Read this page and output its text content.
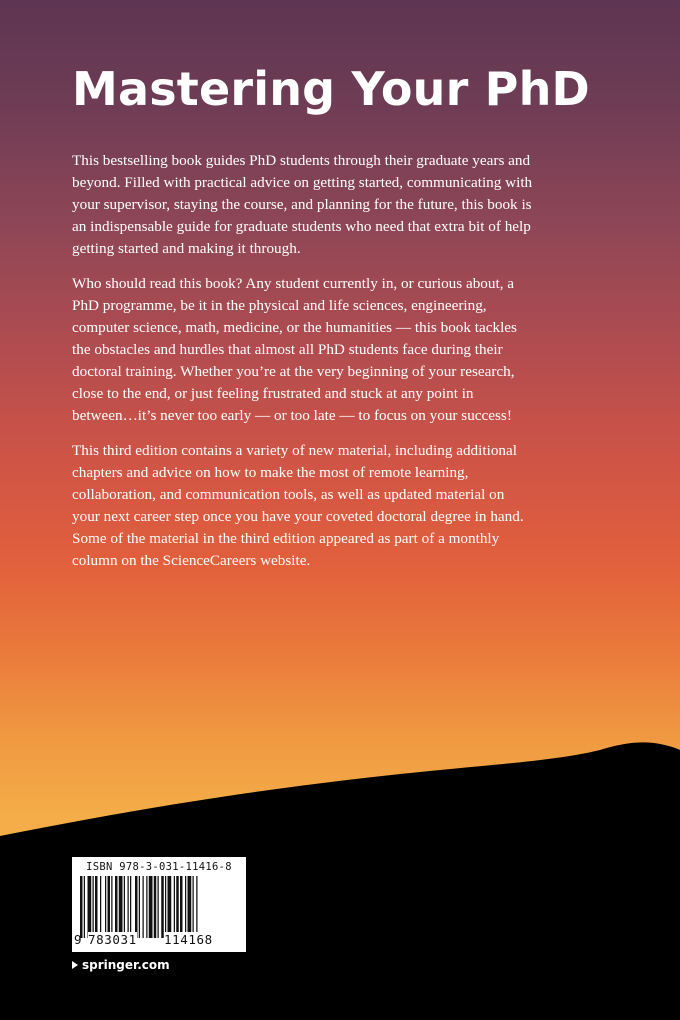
Mastering Your PhD

This bestselling book guides PhD students through their graduate years and beyond. Filled with practical advice on getting started, communicating with your supervisor, staying the course, and planning for the future, this book is an indispensable guide for graduate students who need that extra bit of help getting started and making it through.

Who should read this book? Any student currently in, or curious about, a PhD programme, be it in the physical and life sciences, engineering, computer science, math, medicine, or the humanities — this book tackles the obstacles and hurdles that almost all PhD students face during their doctoral training. Whether you’re at the very beginning of your research, close to the end, or just feeling frustrated and stuck at any point in between…it’s never too early — or too late — to focus on your success!

This third edition contains a variety of new material, including additional chapters and advice on how to make the most of remote learning, collaboration, and communication tools, as well as updated material on your next career step once you have your coveted doctoral degree in hand. Some of the material in the third edition appeared as part of a monthly column on the ScienceCareers website.

ISBN 978-3-031-11416-8
9 783031 114168
springer.com
